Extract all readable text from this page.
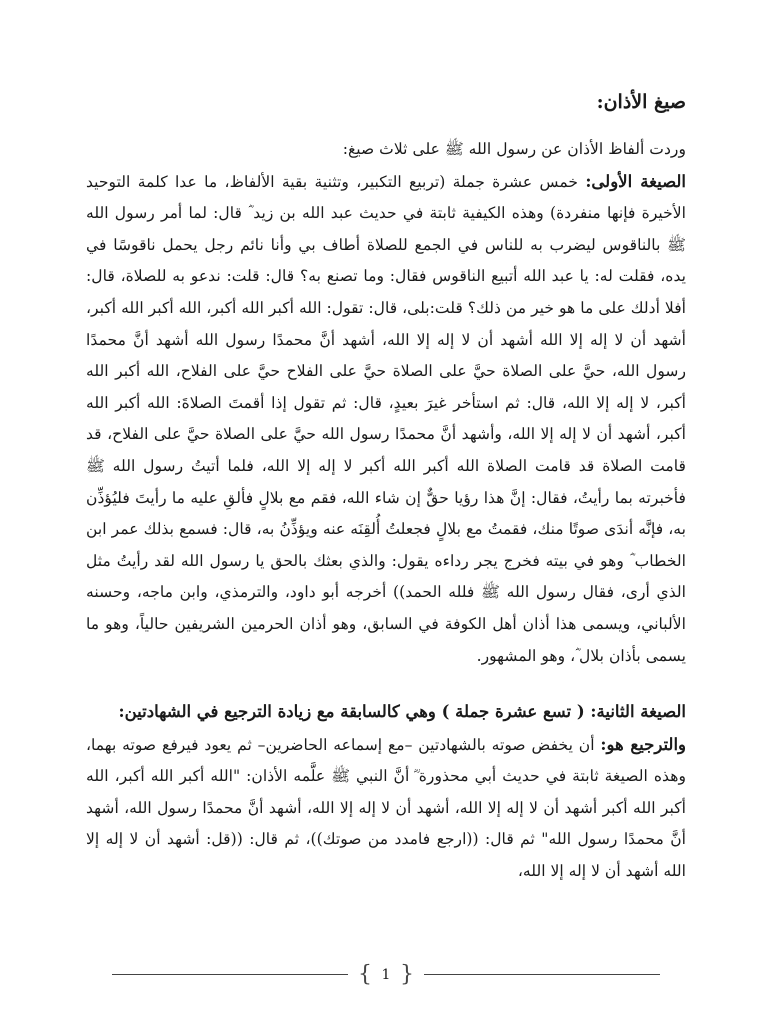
صيغ الأذان:

وردت ألفاظ الأذان عن رسول الله ﷺ على ثلاث صيغ:

الصيغة الأولى: خمس عشرة جملة (تربيع التكبير، وتثنية بقية الألفاظ، ما عدا كلمة التوحيد الأخيرة فإنها منفردة) وهذه الكيفية ثابتة في حديث عبد الله بن زيد ؓ قال: لما أمر رسول الله ﷺ بالناقوس ليضرب به للناس في الجمع للصلاة أطاف بي وأنا نائم رجل يحمل ناقوسًا في يده، فقلت له: يا عبد الله أتبيع الناقوس فقال: وما تصنع به؟ قال: قلت: ندعو به للصلاة، قال: أفلا أدلك على ما هو خير من ذلك؟ قلت:بلى، قال: تقول: الله أكبر الله أكبر، الله أكبر الله أكبر، أشهد أن لا إله إلا الله أشهد أن لا إله إلا الله، أشهد أنَّ محمدًا رسول الله أشهد أنَّ محمدًا رسول الله، حيَّ على الصلاة حيَّ على الصلاة حيَّ على الفلاح حيَّ على الفلاح، الله أكبر الله أكبر، لا إله إلا الله، قال: ثم استأخر غيرَ بعيدٍ، قال: ثم تقول إذا أقمتَ الصلاةَ: الله أكبر الله أكبر، أشهد أن لا إله إلا الله، وأشهد أنَّ محمدًا رسول الله حيَّ على الصلاة حيَّ على الفلاح، قد قامت الصلاة قد قامت الصلاة الله أكبر الله أكبر لا إله إلا الله، فلما أتيتُ رسول الله ﷺ فأخبرته بما رأيتُ، فقال: إنَّ هذا رؤيا حقٌّ إن شاء الله، فقم مع بلالٍ فألقِ عليه ما رأيتَ فليُؤذِّن به، فإنَّه أندَى صوتًا منك، فقمتُ مع بلالٍ فجعلتُ أُلقِنَه عنه ويؤذِّنُ به، قال: فسمع بذلك عمر ابن الخطاب ؓ وهو في بيته فخرج يجر رداءه يقول: والذي بعثك بالحق يا رسول الله لقد رأيتُ مثل الذي أرى، فقال رسول الله ﷺ فلله الحمد)) أخرجه أبو داود، والترمذي، وابن ماجه، وحسنه الألباني، ويسمى هذا أذان أهل الكوفة في السابق، وهو أذان الحرمين الشريفين حالياً، وهو ما يسمى بأذان بلال ؓ، وهو المشهور.

الصيغة الثانية: ( تسع عشرة جملة ) وهي كالسابقة مع زيادة الترجيع في الشهادتين:

والترجيع هو: أن يخفض صوته بالشهادتين –مع إسماعه الحاضرين– ثم يعود فيرفع صوته بهما، وهذه الصيغة ثابتة في حديث أبي محذورة ؓ أنَّ النبي ﷺ علَّمه الأذان: "الله أكبر الله أكبر، الله أكبر الله أكبر أشهد أن لا إله إلا الله، أشهد أن لا إله إلا الله، أشهد أنَّ محمدًا رسول الله، أشهد أنَّ محمدًا رسول الله" ثم قال: ((ارجع فامدد من صوتك))، ثم قال: ((قل: أشهد أن لا إله إلا الله أشهد أن لا إله إلا الله،

{ 1 }
